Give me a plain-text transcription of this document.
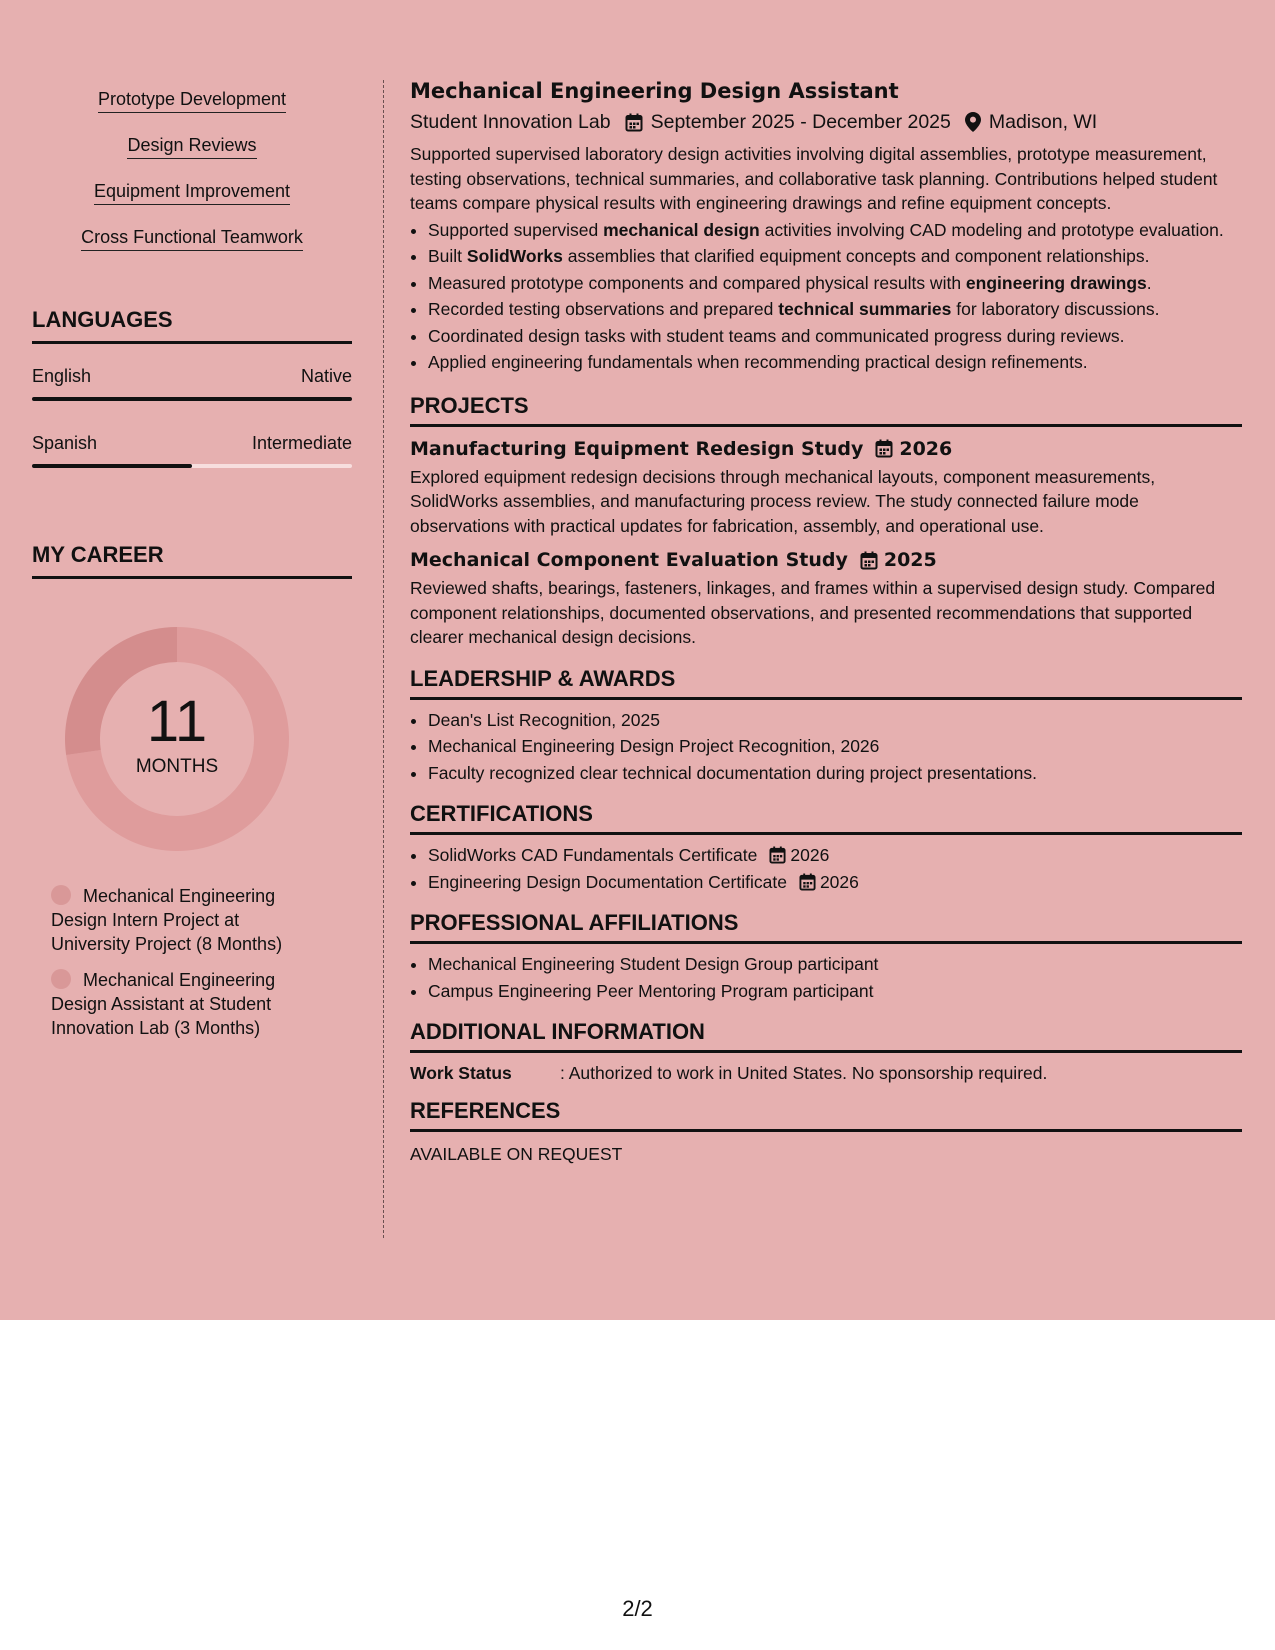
Prototype Development
Design Reviews
Equipment Improvement
Cross Functional Teamwork
LANGUAGES
English	Native
Spanish	Intermediate
MY CAREER
11
MONTHS
Mechanical Engineering Design Intern Project at University Project (8 Months)
Mechanical Engineering Design Assistant at Student Innovation Lab (3 Months)
Mechanical Engineering Design Assistant
Student Innovation Lab September 2025 - December 2025 Madison, WI
Supported supervised laboratory design activities involving digital assemblies, prototype measurement, testing observations, technical summaries, and collaborative task planning. Contributions helped student teams compare physical results with engineering drawings and refine equipment concepts.
• Supported supervised mechanical design activities involving CAD modeling and prototype evaluation.
• Built SolidWorks assemblies that clarified equipment concepts and component relationships.
• Measured prototype components and compared physical results with engineering drawings.
• Recorded testing observations and prepared technical summaries for laboratory discussions.
• Coordinated design tasks with student teams and communicated progress during reviews.
• Applied engineering fundamentals when recommending practical design refinements.
PROJECTS
Manufacturing Equipment Redesign Study 2026
Explored equipment redesign decisions through mechanical layouts, component measurements, SolidWorks assemblies, and manufacturing process review. The study connected failure mode observations with practical updates for fabrication, assembly, and operational use.
Mechanical Component Evaluation Study 2025
Reviewed shafts, bearings, fasteners, linkages, and frames within a supervised design study. Compared component relationships, documented observations, and presented recommendations that supported clearer mechanical design decisions.
LEADERSHIP & AWARDS
• Dean's List Recognition, 2025
• Mechanical Engineering Design Project Recognition, 2026
• Faculty recognized clear technical documentation during project presentations.
CERTIFICATIONS
• SolidWorks CAD Fundamentals Certificate 2026
• Engineering Design Documentation Certificate 2026
PROFESSIONAL AFFILIATIONS
• Mechanical Engineering Student Design Group participant
• Campus Engineering Peer Mentoring Program participant
ADDITIONAL INFORMATION
Work Status	: Authorized to work in United States. No sponsorship required.
REFERENCES
AVAILABLE ON REQUEST
2/2
